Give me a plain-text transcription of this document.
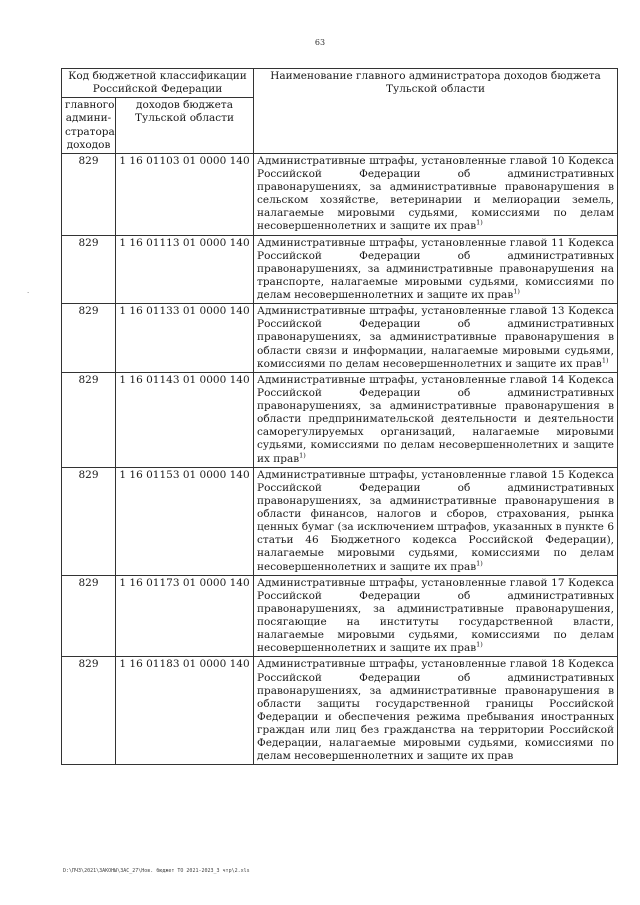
63
·
Код бюджетной классификации Российской Федерации		Наименование главного администратора доходов бюджета Тульской области
главного админи-стратора доходов	доходов бюджета Тульской области	
829	1 16 01103 01 0000 140	Административные штрафы, установленные главой 10 Кодекса Российской Федерации об административных правонарушениях, за административные правонарушения в сельском хозяйстве, ветеринарии и мелиорации земель, налагаемые мировыми судьями, комиссиями по делам несовершеннолетних и защите их прав$^{1)}$
829	1 16 01113 01 0000 140	Административные штрафы, установленные главой 11 Кодекса Российской Федерации об административных правонарушениях, за административные правонарушения на транспорте, налагаемые мировыми судьями, комиссиями по делам несовершеннолетних и защите их прав$^{1)}$
829	1 16 01133 01 0000 140	Административные штрафы, установленные главой 13 Кодекса Российской Федерации об административных правонарушениях, за административные правонарушения в области связи и информации, налагаемые мировыми судьями, комиссиями по делам несовершеннолетних и защите их прав$^{1)}$
829	1 16 01143 01 0000 140	Административные штрафы, установленные главой 14 Кодекса Российской Федерации об административных правонарушениях, за административные правонарушения в области предпринимательской деятельности и деятельности саморегулируемых организаций, налагаемые мировыми судьями, комиссиями по делам несовершеннолетних и защите их прав$^{1)}$
829	1 16 01153 01 0000 140	Административные штрафы, установленные главой 15 Кодекса Российской Федерации об административных правонарушениях, за административные правонарушения в области финансов, налогов и сборов, страхования, рынка ценных бумаг (за исключением штрафов, указанных в пункте 6 статьи 46 Бюджетного кодекса Российской Федерации), налагаемые мировыми судьями, комиссиями по делам несовершеннолетних и защите их прав$^{1)}$
829	1 16 01173 01 0000 140	Административные штрафы, установленные главой 17 Кодекса Российской Федерации об административных правонарушениях, за административные правонарушения, посягающие на институты государственной власти, налагаемые мировыми судьями, комиссиями по делам несовершеннолетних и защите их прав$^{1)}$
829	1 16 01183 01 0000 140	Административные штрафы, установленные главой 18 Кодекса Российской Федерации об административных правонарушениях, за административные правонарушения в области защиты государственной границы Российской Федерации и обеспечения режима пребывания иностранных граждан или лиц без гражданства на территории Российской Федерации, налагаемые мировыми судьями, комиссиями по делам несовершеннолетних и защите их прав
D:\ПЧЗ\2021\ЗАКОНЫ\ЗАС_27\Нов. бюджет ТО 2021-2023_3 чтр\2.xls
